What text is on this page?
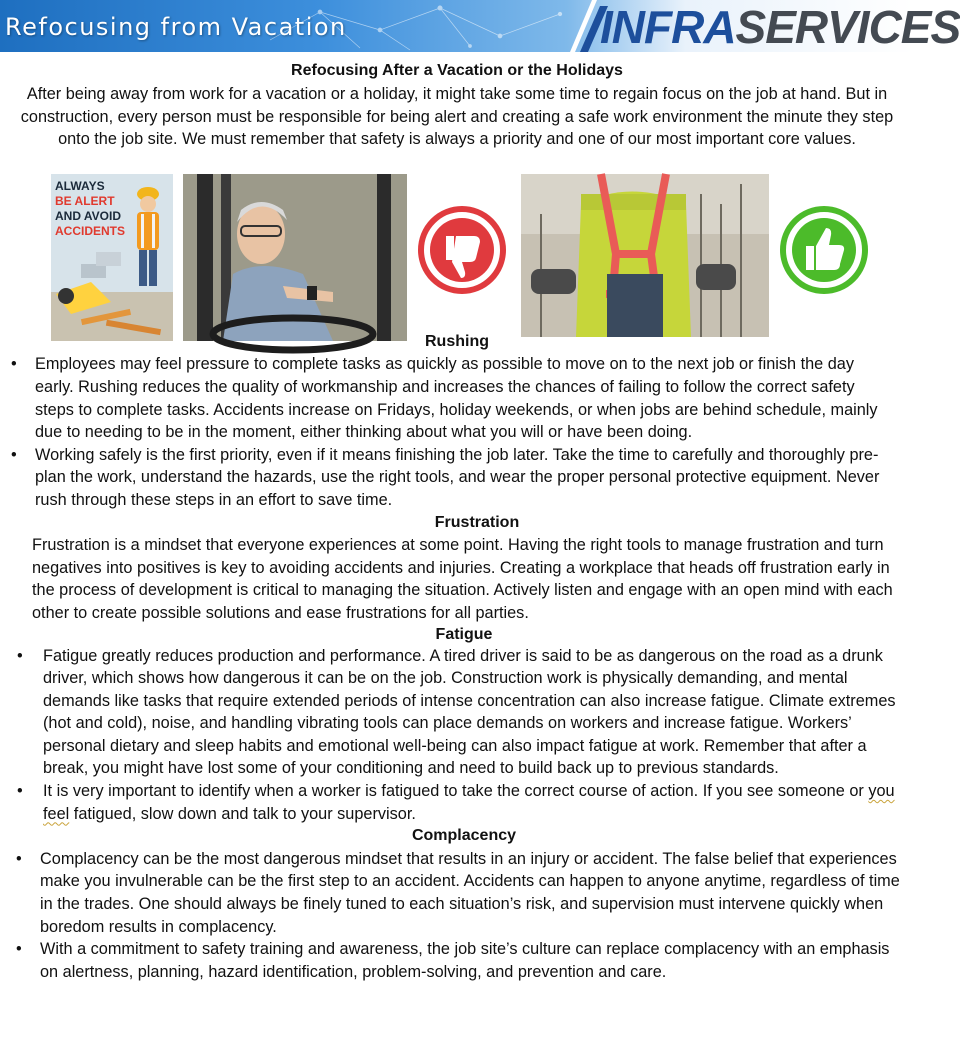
Refocusing from Vacation	INFRASERVICES
ALWAYS
BE ALERT
AND AVOID
ACCIDENTS
Refocusing After a Vacation or the Holidays
After being away from work for a vacation or a holiday, it might take some time to regain focus on the job at hand. But in construction, every person must be responsible for being alert and creating a safe work environment the minute they step onto the job site. We must remember that safety is always a priority and one of our most important core values.
Rushing
• Employees may feel pressure to complete tasks as quickly as possible to move on to the next job or finish the day early. Rushing reduces the quality of workmanship and increases the chances of failing to follow the correct safety steps to complete tasks. Accidents increase on Fridays, holiday weekends, or when jobs are behind schedule, mainly due to needing to be in the moment, either thinking about what you will or have been doing.
• Working safely is the first priority, even if it means finishing the job later. Take the time to carefully and thoroughly pre-plan the work, understand the hazards, use the right tools, and wear the proper personal protective equipment. Never rush through these steps in an effort to save time.
Frustration
Frustration is a mindset that everyone experiences at some point. Having the right tools to manage frustration and turn negatives into positives is key to avoiding accidents and injuries. Creating a workplace that heads off frustration early in the process of development is critical to managing the situation. Actively listen and engage with an open mind with each other to create possible solutions and ease frustrations for all parties.
Fatigue
• Fatigue greatly reduces production and performance. A tired driver is said to be as dangerous on the road as a drunk driver, which shows how dangerous it can be on the job. Construction work is physically demanding, and mental demands like tasks that require extended periods of intense concentration can also increase fatigue. Climate extremes (hot and cold), noise, and handling vibrating tools can place demands on workers and increase fatigue. Workers’ personal dietary and sleep habits and emotional well-being can also impact fatigue at work. Remember that after a break, you might have lost some of your conditioning and need to build back up to previous standards.
• It is very important to identify when a worker is fatigued to take the correct course of action. If you see someone or you feel fatigued, slow down and talk to your supervisor.
Complacency
• Complacency can be the most dangerous mindset that results in an injury or accident. The false belief that experiences make you invulnerable can be the first step to an accident. Accidents can happen to anyone anytime, regardless of time in the trades. One should always be finely tuned to each situation’s risk, and supervision must intervene quickly when boredom results in complacency.
• With a commitment to safety training and awareness, the job site’s culture can replace complacency with an emphasis on alertness, planning, hazard identification, problem-solving, and prevention and care.
